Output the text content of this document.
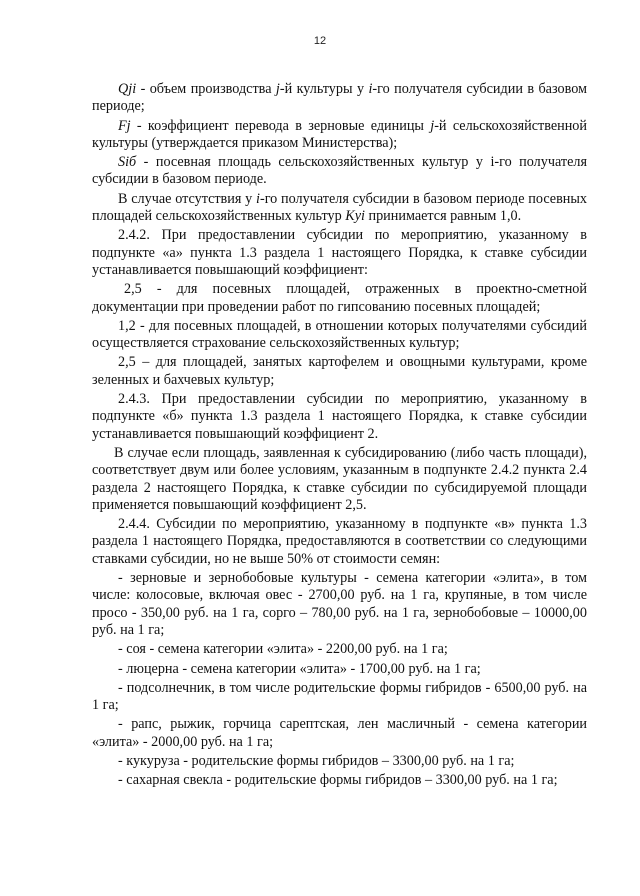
12

Qji - объем производства j-й культуры у i-го получателя субсидии в базовом периоде;

Fj - коэффициент перевода в зерновые единицы j-й сельскохозяйственной культуры (утверждается приказом Министерства);

Siб - посевная площадь сельскохозяйственных культур у i-го получателя субсидии в базовом периоде.

В случае отсутствия у i-го получателя субсидии в базовом периоде посевных площадей сельскохозяйственных культур Kуi принимается равным 1,0.

2.4.2. При предоставлении субсидии по мероприятию, указанному в подпункте «а» пункта 1.3 раздела 1 настоящего Порядка, к ставке субсидии устанавливается повышающий коэффициент:

2,5 - для посевных площадей, отраженных в проектно-сметной документации при проведении работ по гипсованию посевных площадей;

1,2 - для посевных площадей, в отношении которых получателями субсидий осуществляется страхование сельскохозяйственных культур;

2,5 – для площадей, занятых картофелем и овощными культурами, кроме зеленных и бахчевых культур;

2.4.3. При предоставлении субсидии по мероприятию, указанному в подпункте «б» пункта 1.3 раздела 1 настоящего Порядка, к ставке субсидии устанавливается повышающий коэффициент 2.

В случае если площадь, заявленная к субсидированию (либо часть площади), соответствует двум или более условиям, указанным в подпункте 2.4.2 пункта 2.4 раздела 2 настоящего Порядка, к ставке субсидии по субсидируемой площади применяется повышающий коэффициент 2,5.

2.4.4. Субсидии по мероприятию, указанному в подпункте «в» пункта 1.3 раздела 1 настоящего Порядка, предоставляются в соответствии со следующими ставками субсидии, но не выше 50% от стоимости семян:

- зерновые и зернобобовые культуры - семена категории «элита», в том числе: колосовые, включая овес - 2700,00 руб. на 1 га, крупяные, в том числе просо - 350,00 руб. на 1 га, сорго – 780,00 руб. на 1 га, зернобобовые – 10000,00 руб. на 1 га;

- соя - семена категории «элита» - 2200,00 руб. на 1 га;

- люцерна - семена категории «элита» - 1700,00 руб. на 1 га;

- подсолнечник, в том числе родительские формы гибридов - 6500,00 руб. на 1 га;

- рапс, рыжик, горчица сарептская, лен масличный - семена категории «элита» - 2000,00 руб. на 1 га;

- кукуруза - родительские формы гибридов – 3300,00 руб. на 1 га;

- сахарная свекла - родительские формы гибридов – 3300,00 руб. на 1 га;
